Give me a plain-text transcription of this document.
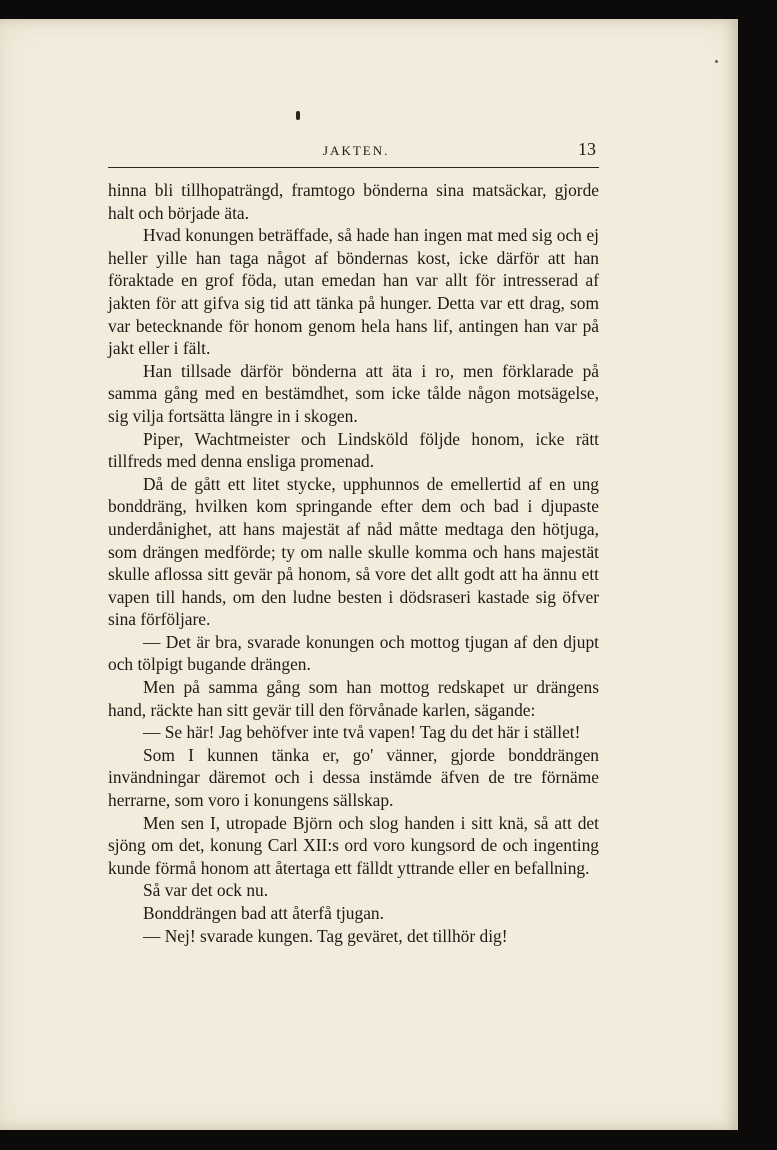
JAKTEN.	13

hinna bli tillhopaträngd, framtogo bönderna sina matsäckar, gjorde halt och började äta.

Hvad konungen beträffade, så hade han ingen mat med sig och ej heller yille han taga något af böndernas kost, icke därför att han föraktade en grof föda, utan emedan han var allt för intresserad af jakten för att gifva sig tid att tänka på hunger. Detta var ett drag, som var betecknande för honom genom hela hans lif, antingen han var på jakt eller i fält.

Han tillsade därför bönderna att äta i ro, men förklarade på samma gång med en bestämdhet, som icke tålde någon motsägelse, sig vilja fortsätta längre in i skogen.

Piper, Wachtmeister och Lindsköld följde honom, icke rätt tillfreds med denna ensliga promenad.

Då de gått ett litet stycke, upphunnos de emellertid af en ung bonddräng, hvilken kom springande efter dem och bad i djupaste underdånighet, att hans majestät af nåd måtte medtaga den hötjuga, som drängen medförde; ty om nalle skulle komma och hans majestät skulle aflossa sitt gevär på honom, så vore det allt godt att ha ännu ett vapen till hands, om den ludne besten i dödsraseri kastade sig öfver sina förföljare.

— Det är bra, svarade konungen och mottog tjugan af den djupt och tölpigt bugande drängen.

Men på samma gång som han mottog redskapet ur drängens hand, räckte han sitt gevär till den förvånade karlen, sägande:

— Se här! Jag behöfver inte två vapen! Tag du det här i stället!

Som I kunnen tänka er, go' vänner, gjorde bonddrängen invändningar däremot och i dessa instämde äfven de tre förnäme herrarne, som voro i konungens sällskap.

Men sen I, utropade Björn och slog handen i sitt knä, så att det sjöng om det, konung Carl XII:s ord voro kungsord de och ingenting kunde förmå honom att återtaga ett fälldt yttrande eller en befallning.

Så var det ock nu.

Bonddrängen bad att återfå tjugan.

— Nej! svarade kungen. Tag geväret, det tillhör dig!
